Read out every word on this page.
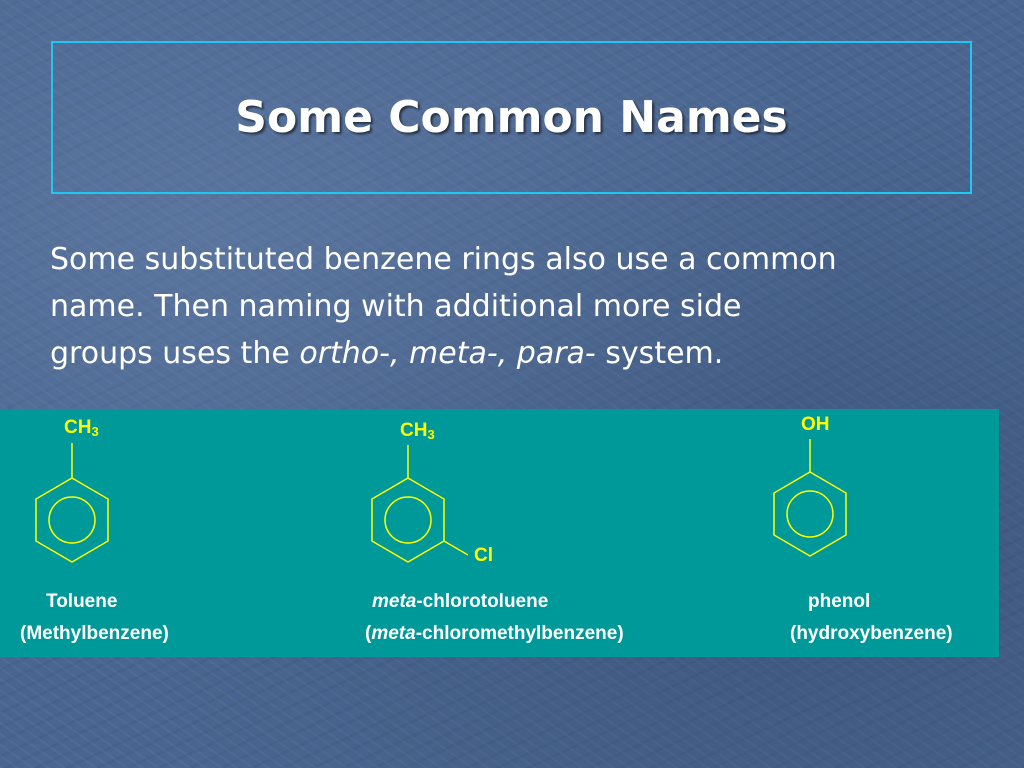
Some Common Names
Some substituted benzene rings also use a common
name. Then naming with additional more side
groups uses the ortho-, meta-, para- system.
$CH_3$
Toluene
(Methylbenzene)
$CH_3$
Cl
meta-chlorotoluene
(meta-chloromethylbenzene)
OH
phenol
(hydroxybenzene)
